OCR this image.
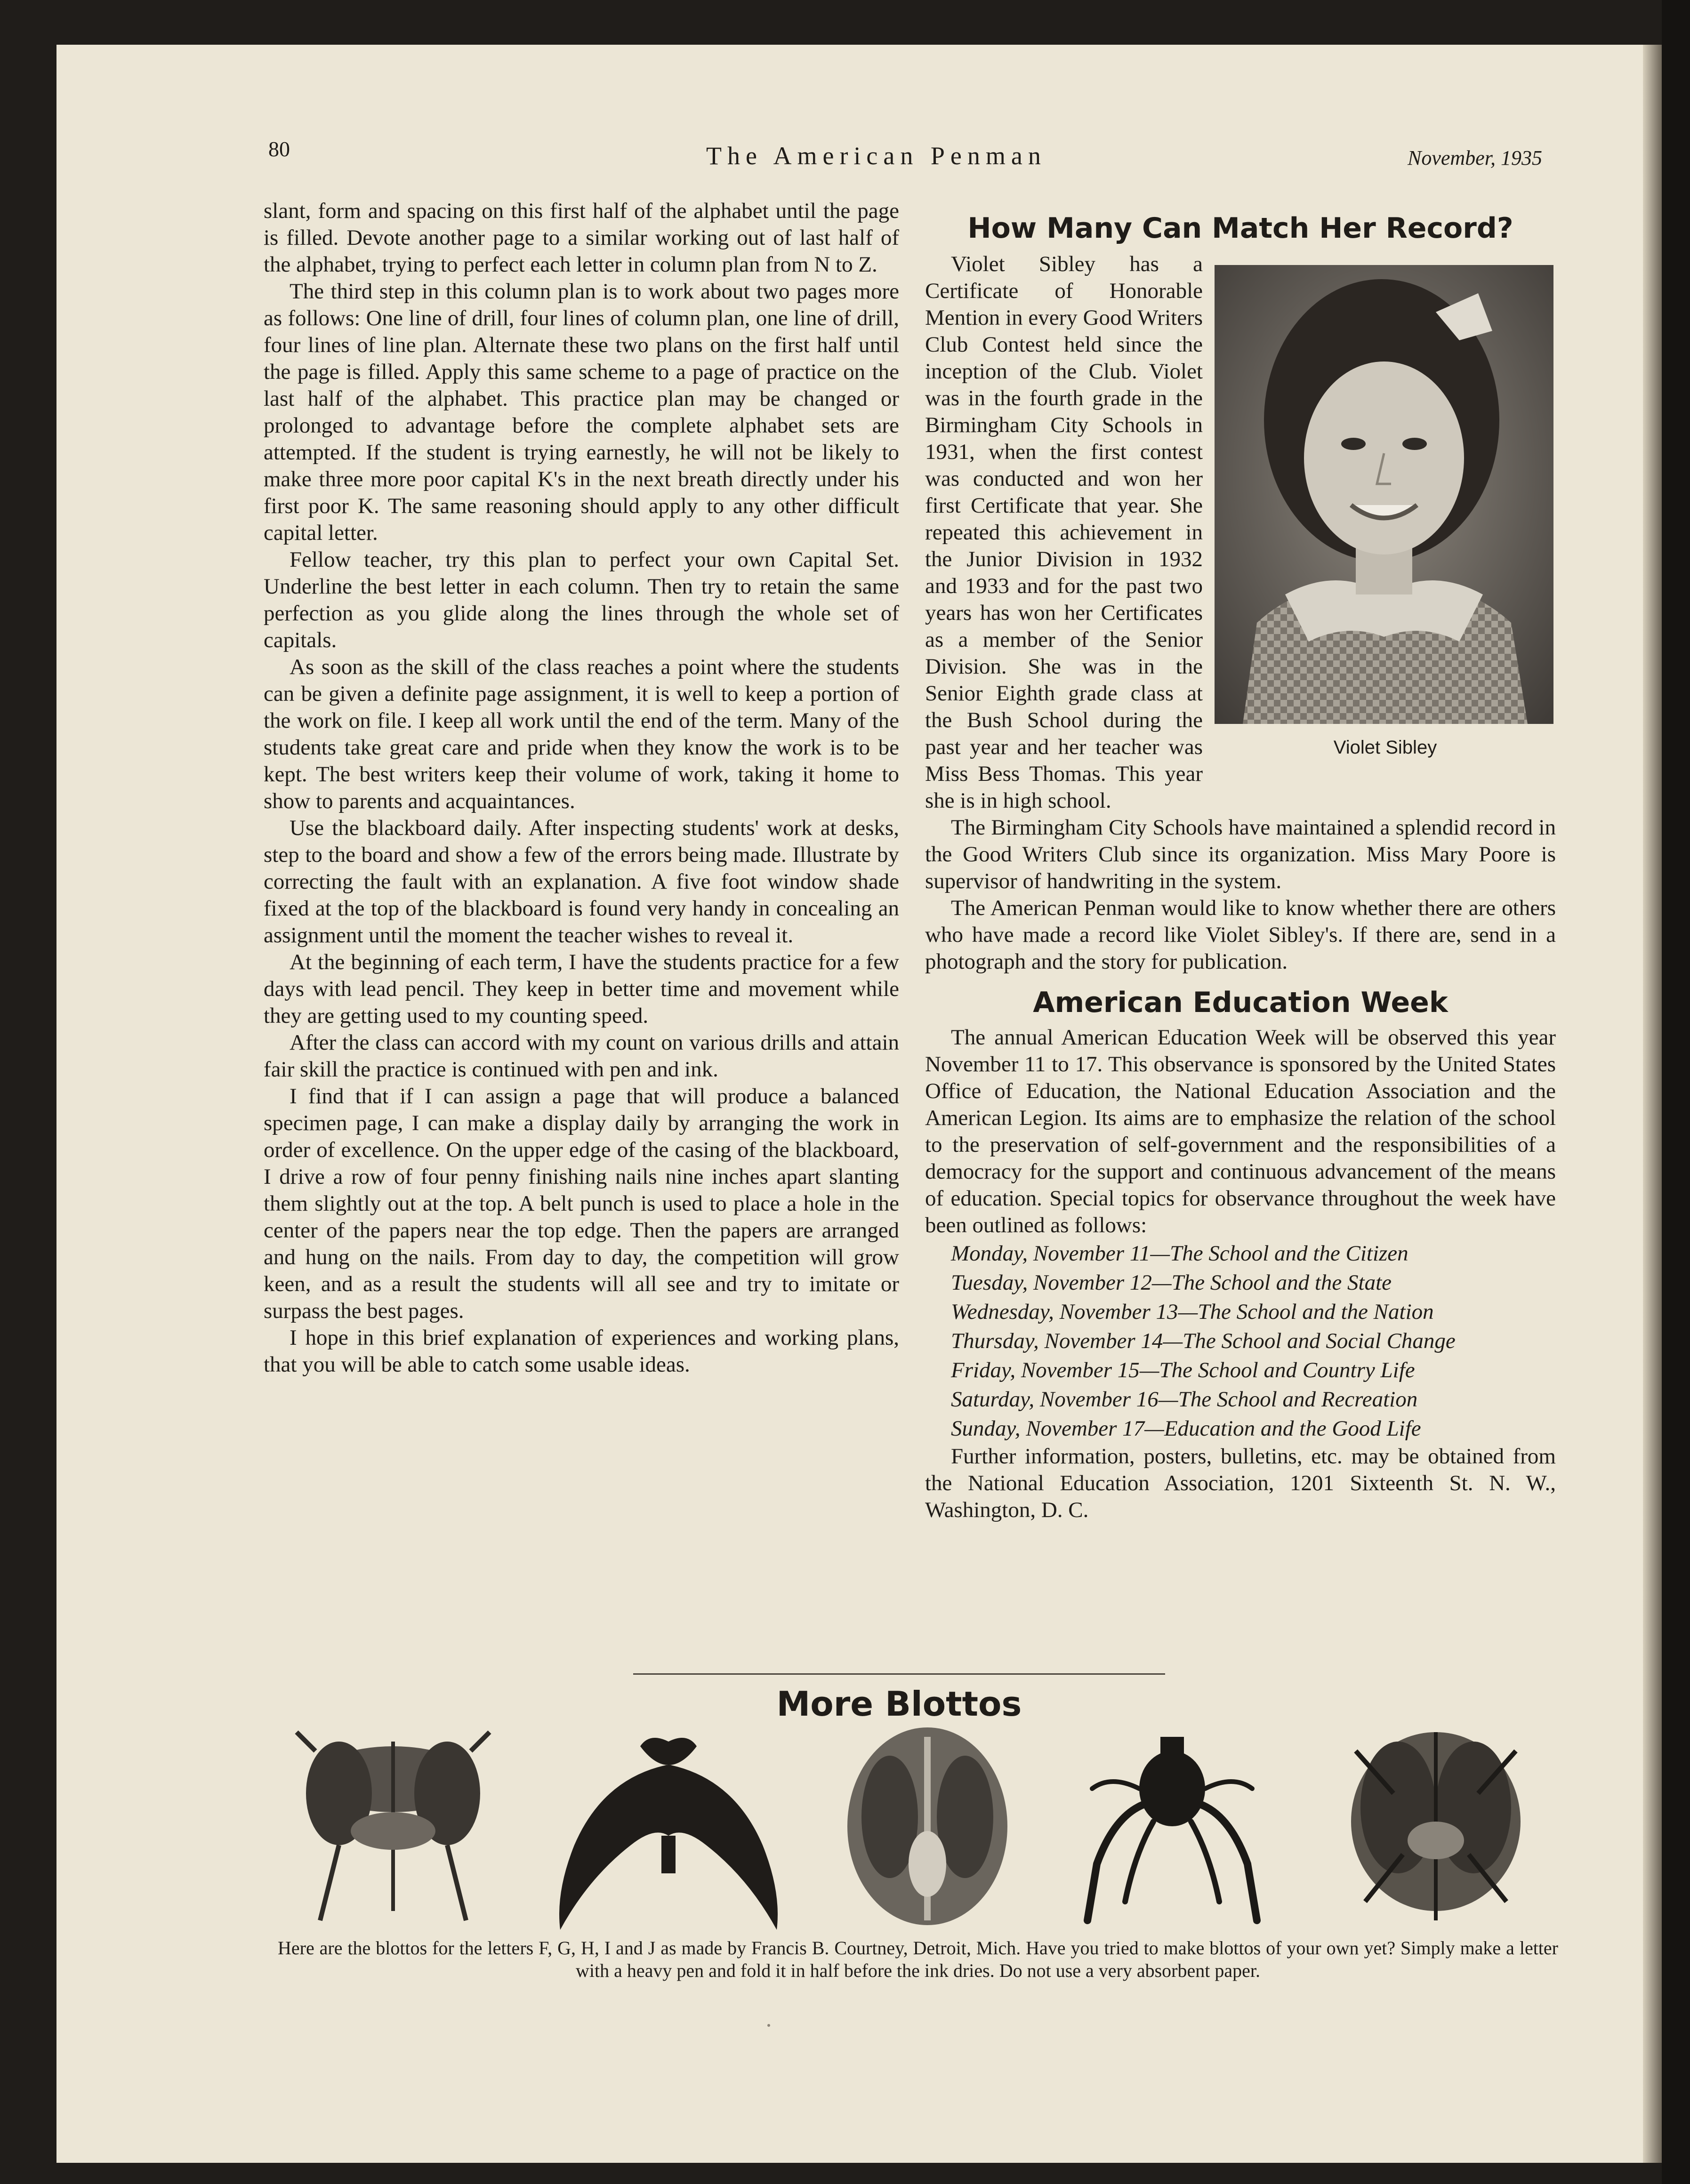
80	The American Penman	November, 1935

slant, form and spacing on this first half of the alphabet until the page is filled. Devote another page to a similar working out of last half of the alphabet, trying to perfect each letter in column plan from N to Z.

The third step in this column plan is to work about two pages more as follows: One line of drill, four lines of column plan, one line of drill, four lines of line plan. Alternate these two plans on the first half until the page is filled. Apply this same scheme to a page of practice on the last half of the alphabet. This practice plan may be changed or prolonged to advantage before the complete alphabet sets are attempted. If the student is trying earnestly, he will not be likely to make three more poor capital K's in the next breath directly under his first poor K. The same reasoning should apply to any other difficult capital letter.

Fellow teacher, try this plan to perfect your own Capital Set. Underline the best letter in each column. Then try to retain the same perfection as you glide along the lines through the whole set of capitals.

As soon as the skill of the class reaches a point where the students can be given a definite page assignment, it is well to keep a portion of the work on file. I keep all work until the end of the term. Many of the students take great care and pride when they know the work is to be kept. The best writers keep their volume of work, taking it home to show to parents and acquaintances.

Use the blackboard daily. After inspecting students' work at desks, step to the board and show a few of the errors being made. Illustrate by correcting the fault with an explanation. A five foot window shade fixed at the top of the blackboard is found very handy in concealing an assignment until the moment the teacher wishes to reveal it.

At the beginning of each term, I have the students practice for a few days with lead pencil. They keep in better time and movement while they are getting used to my counting speed.

After the class can accord with my count on various drills and attain fair skill the practice is continued with pen and ink.

I find that if I can assign a page that will produce a balanced specimen page, I can make a display daily by arranging the work in order of excellence. On the upper edge of the casing of the blackboard, I drive a row of four penny finishing nails nine inches apart slanting them slightly out at the top. A belt punch is used to place a hole in the center of the papers near the top edge. Then the papers are arranged and hung on the nails. From day to day, the competition will grow keen, and as a result the students will all see and try to imitate or surpass the best pages.

I hope in this brief explanation of experiences and working plans, that you will be able to catch some usable ideas.

How Many Can Match Her Record?
Violet Sibley

Violet Sibley has a Certificate of Honorable Mention in every Good Writers Club Contest held since the inception of the Club. Violet was in the fourth grade in the Birmingham City Schools in 1931, when the first contest was conducted and won her first Certificate that year. She repeated this achievement in the Junior Division in 1932 and 1933 and for the past two years has won her Certificates as a member of the Senior Division. She was in the Senior Eighth grade class at the Bush School during the past year and her teacher was Miss Bess Thomas. This year she is in high school.

The Birmingham City Schools have maintained a splendid record in the Good Writers Club since its organization. Miss Mary Poore is supervisor of handwriting in the system.

The American Penman would like to know whether there are others who have made a record like Violet Sibley's. If there are, send in a photograph and the story for publication.

American Education Week

The annual American Education Week will be observed this year November 11 to 17. This observance is sponsored by the United States Office of Education, the National Education Association and the American Legion. Its aims are to emphasize the relation of the school to the preservation of self-government and the responsibilities of a democracy for the support and continuous advancement of the means of education. Special topics for observance throughout the week have been outlined as follows:

Monday, November 11—The School and the Citizen

Tuesday, November 12—The School and the State

Wednesday, November 13—The School and the Nation

Thursday, November 14—The School and Social Change

Friday, November 15—The School and Country Life

Saturday, November 16—The School and Recreation

Sunday, November 17—Education and the Good Life

Further information, posters, bulletins, etc. may be obtained from the National Education Association, 1201 Sixteenth St. N. W., Washington, D. C.

More Blottos
Here are the blottos for the letters F, G, H, I and J as made by Francis B. Courtney, Detroit, Mich. Have you tried to make blottos of your own yet? Simply make a letter with a heavy pen and fold it in half before the ink dries. Do not use a very absorbent paper.
